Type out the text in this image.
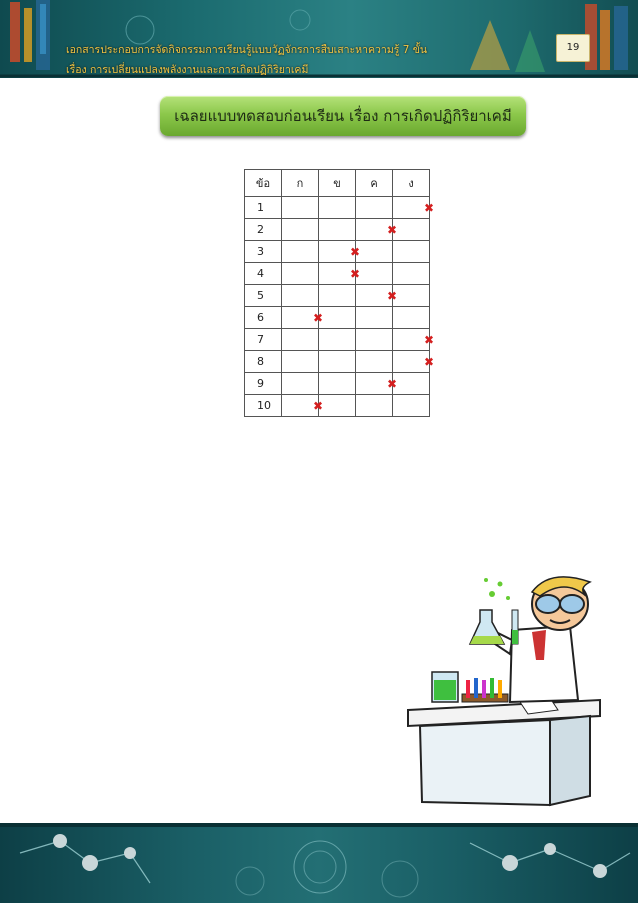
เอกสารประกอบการจัดกิจกรรมการเรียนรู้แบบวัฏจักรการสืบเสาะหาความรู้ 7 ขั้น
เรื่อง การเปลี่ยนแปลงพลังงานและการเกิดปฏิกิริยาเคมี
19
เฉลยแบบทดสอบก่อนเรียน เรื่อง การเกิดปฏิกิริยาเคมี
ข้อ	ก	ข	ค	ง
1				✖
2			✖	
3		✖		
4		✖		
5			✖	
6	✖			
7				✖
8				✖
9			✖	
10	✖			
